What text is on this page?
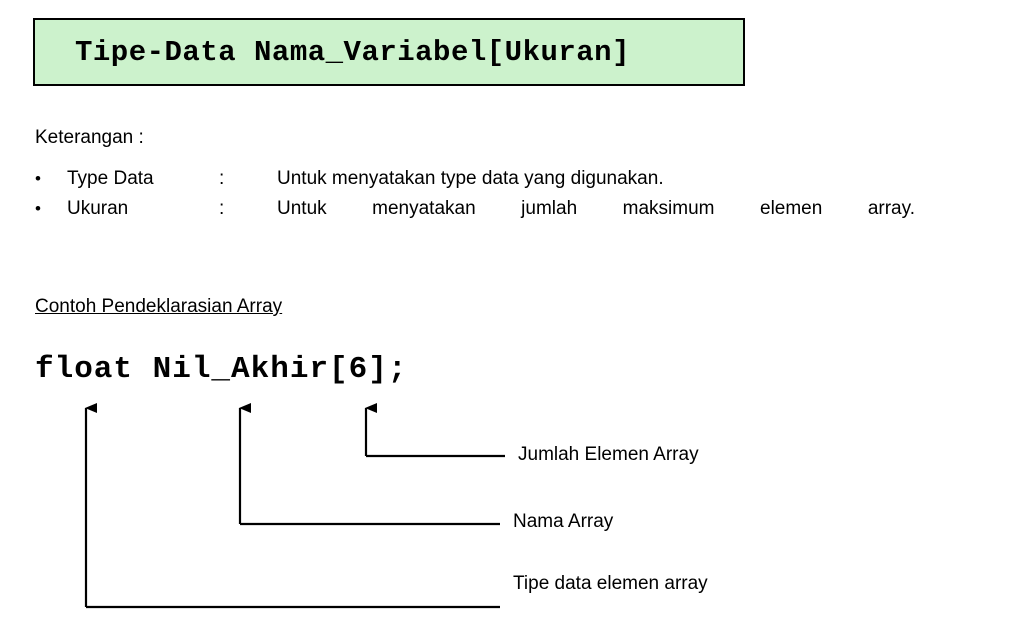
Tipe-Data Nama_Variabel[Ukuran]
Keterangan :
•	Type Data	:	Untuk menyatakan type data yang digunakan.
•	Ukuran	:	Untuk menyatakan jumlah maksimum elemen array.
Contoh Pendeklarasian Array
float Nil_Akhir[6];
Jumlah Elemen Array
Nama Array
Tipe data elemen array
